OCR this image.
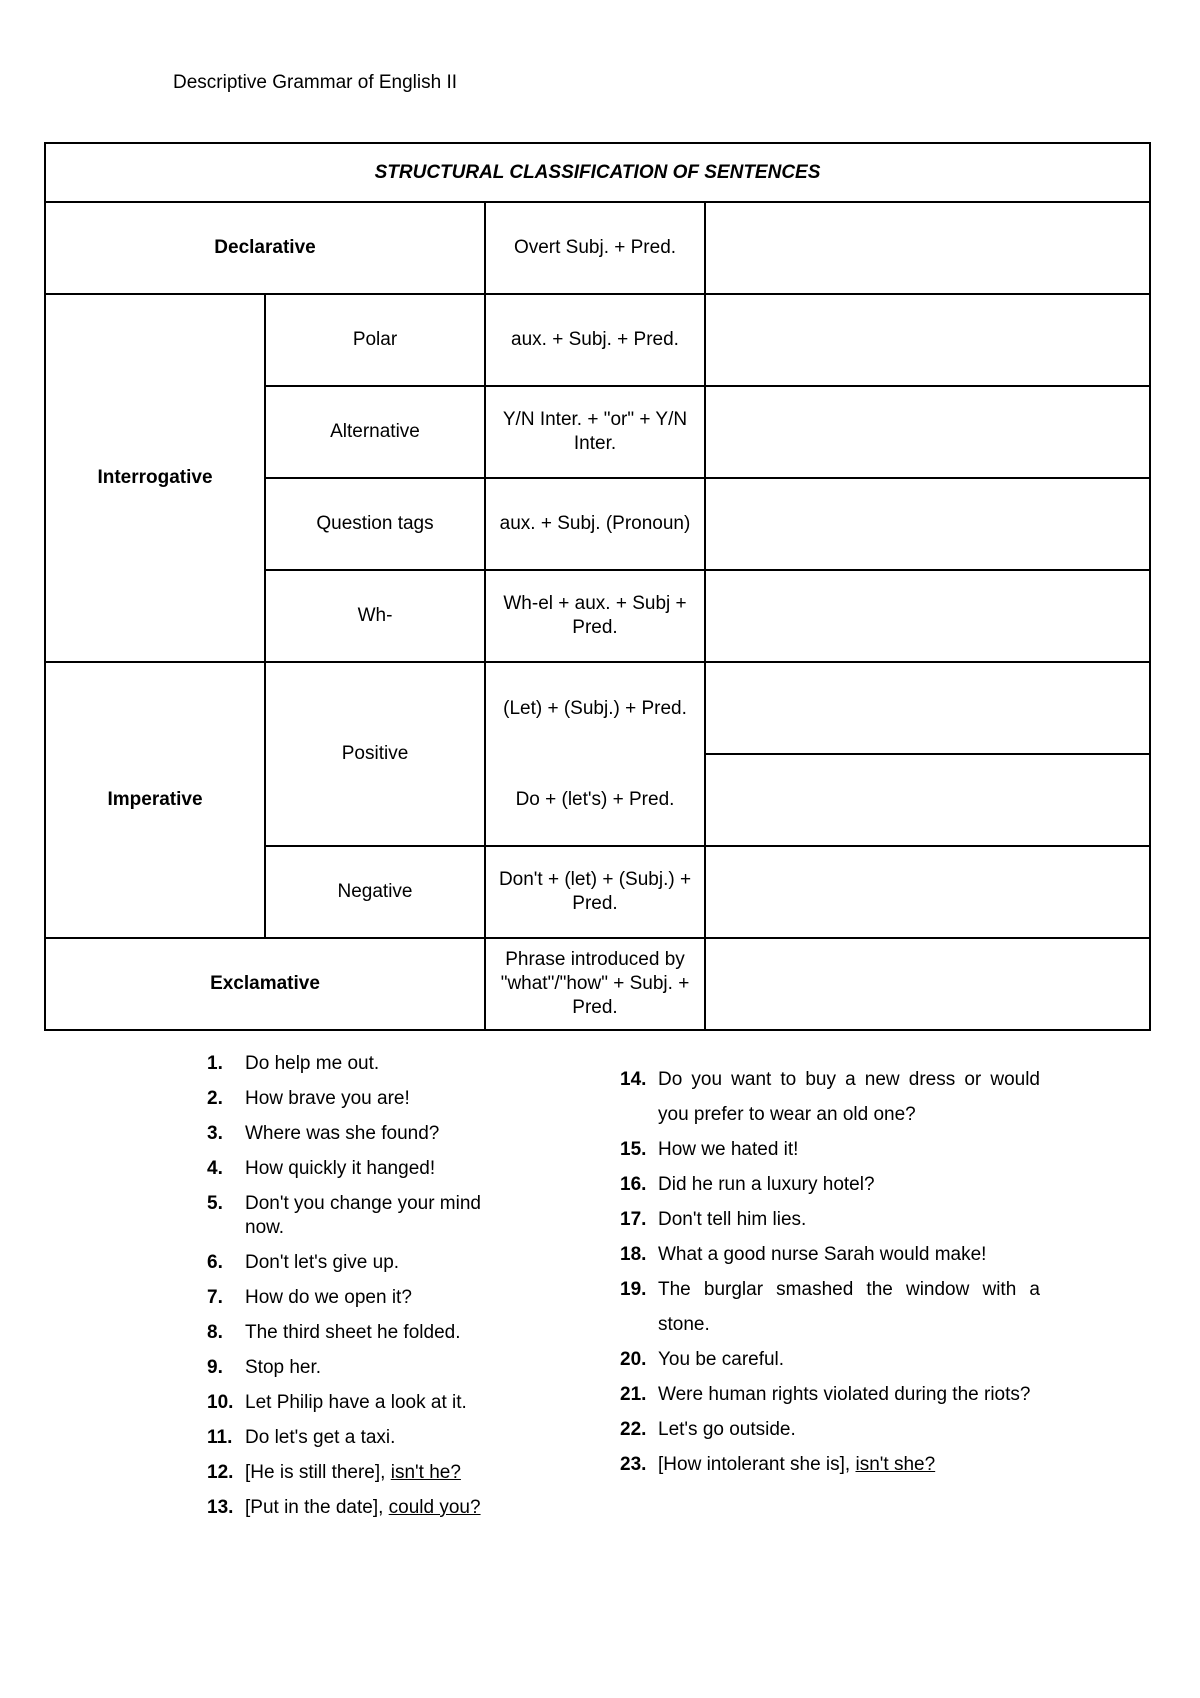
Descriptive Grammar of English II
STRUCTURAL CLASSIFICATION OF SENTENCES			
Declarative		Overt Subj. + Pred.	
Interrogative	Polar	aux. + Subj. + Pred.	
	Alternative	Y/N Inter. + "or" + Y/N Inter.	
	Question tags	aux. + Subj. (Pronoun)	
	Wh-	Wh-el + aux. + Subj + Pred.	
Imperative	Positive	(Let) + (Subj.) + Pred.	
		Do + (let's) + Pred.	
	Negative	Don't + (let) + (Subj.) + Pred.	
Exclamative		Phrase introduced by "what"/"how" + Subj. + Pred.	
1. Do help me out.
2. How brave you are!
3. Where was she found?
4. How quickly it hanged!
5. Don't you change your mind now.
6. Don't let's give up.
7. How do we open it?
8. The third sheet he folded.
9. Stop her.
10. Let Philip have a look at it.
11. Do let's get a taxi.
12. [He is still there], isn't he?
13. [Put in the date], could you?
14. Do you want to buy a new dress or would you prefer to wear an old one?
15. How we hated it!
16. Did he run a luxury hotel?
17. Don't tell him lies.
18. What a good nurse Sarah would make!
19. The burglar smashed the window with a stone.
20. You be careful.
21. Were human rights violated during the riots?
22. Let's go outside.
23. [How intolerant she is], isn't she?
